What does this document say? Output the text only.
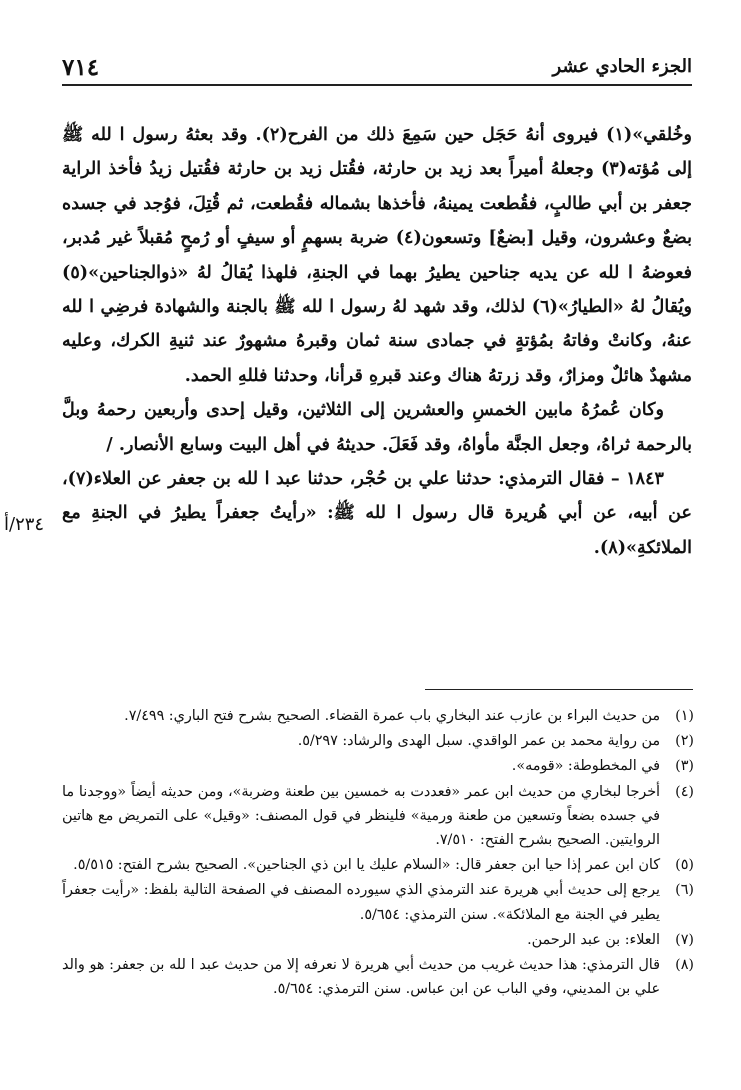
٧١٤	الجزء الحادي عشر
٢٣٤/أ

وخُلقي»(١) فيروى أنهُ حَجَل حين سَمِعَ ذلك من الفرح(٢). وقد بعثهُ رسول ا لله ﷺ إلى مُؤته(٣) وجعلهُ أميراً بعد زيد بن حارثة، فقُتل زيد بن حارثة فقُتيل زيدُ فأخذ الراية جعفر بن أبي طالبٍ، فقُطعت يمينهُ، فأخذها بشماله فقُطعت، ثم قُتِلَ، فوُجد في جسده بضعٌ وعشرون، وقيل [بضعٌ] وتسعون(٤) ضربة بسهمٍ أو سيفٍ أو رُمحٍ مُقبلاً غير مُدبر، فعوضهُ ا لله عن يديه جناحين يطيرُ بهما في الجنةِ، فلهذا يُقالُ لهُ «ذوالجناحين»(٥) ويُقالُ لهُ «الطيارُ»(٦) لذلك، وقد شهد لهُ رسول ا لله ﷺ بالجنة والشهادة فرضِي ا لله عنهُ، وكانتْ وفاتهُ بمُؤتةٍ في جمادى سنة ثمان وقبرهُ مشهورٌ عند ثنيةِ الكرك، وعليه مشهدٌ هائلٌ ومزارٌ، وقد زرتهُ هناك وعند قبرهِ قرأنا، وحدثنا فللهِ الحمد.

وكان عُمرُهُ مابين الخمسِ والعشرين إلى الثلاثين، وقيل إحدى وأربعين رحمهُ وبلَّ بالرحمة ثراهُ، وجعل الجنَّة مأواهُ، وقد فَعَلَ. حديثهُ في أهل البيت وسابع الأنصار. /

١٨٤٣ – فقال الترمذي: حدثنا علي بن حُجْر، حدثنا عبد ا لله بن جعفر عن العلاء(٧)، عن أبيه، عن أبي هُريرة قال رسول ا لله ﷺ: «رأيتُ جعفراً يطيرُ في الجنةِ مع الملائكةِ»(٨).

(١)
من حديث البراء بن عازب عند البخاري باب عمرة القضاء. الصحيح بشرح فتح الباري: ٧/٤٩٩.
(٢)
من رواية محمد بن عمر الواقدي. سبل الهدى والرشاد: ٥/٢٩٧.
(٣)
في المخطوطة: «قومه».
(٤)
أخرجا لبخاري من حديث ابن عمر «فعددت به خمسين بين طعنة وضربة»، ومن حديثه أيضاً «ووجدنا ما في جسده بضعاً وتسعين من طعنة ورمية» فلينظر في قول المصنف: «وقيل» على التمريض مع هاتين الروايتين. الصحيح بشرح الفتح: ٧/٥١٠.
(٥)
كان ابن عمر إذا حيا ابن جعفر قال: «السلام عليك يا ابن ذي الجناحين». الصحيح بشرح الفتح: ٥/٥١٥.
(٦)
يرجع إلى حديث أبي هريرة عند الترمذي الذي سيورده المصنف في الصفحة التالية بلفظ: «رأيت جعفراً يطير في الجنة مع الملائكة». سنن الترمذي: ٥/٦٥٤.
(٧)
العلاء: بن عبد الرحمن.
(٨)
قال الترمذي: هذا حديث غريب من حديث أبي هريرة لا نعرفه إلا من حديث عبد ا لله بن جعفر: هو والد علي بن المديني، وفي الباب عن ابن عباس. سنن الترمذي: ٥/٦٥٤.
